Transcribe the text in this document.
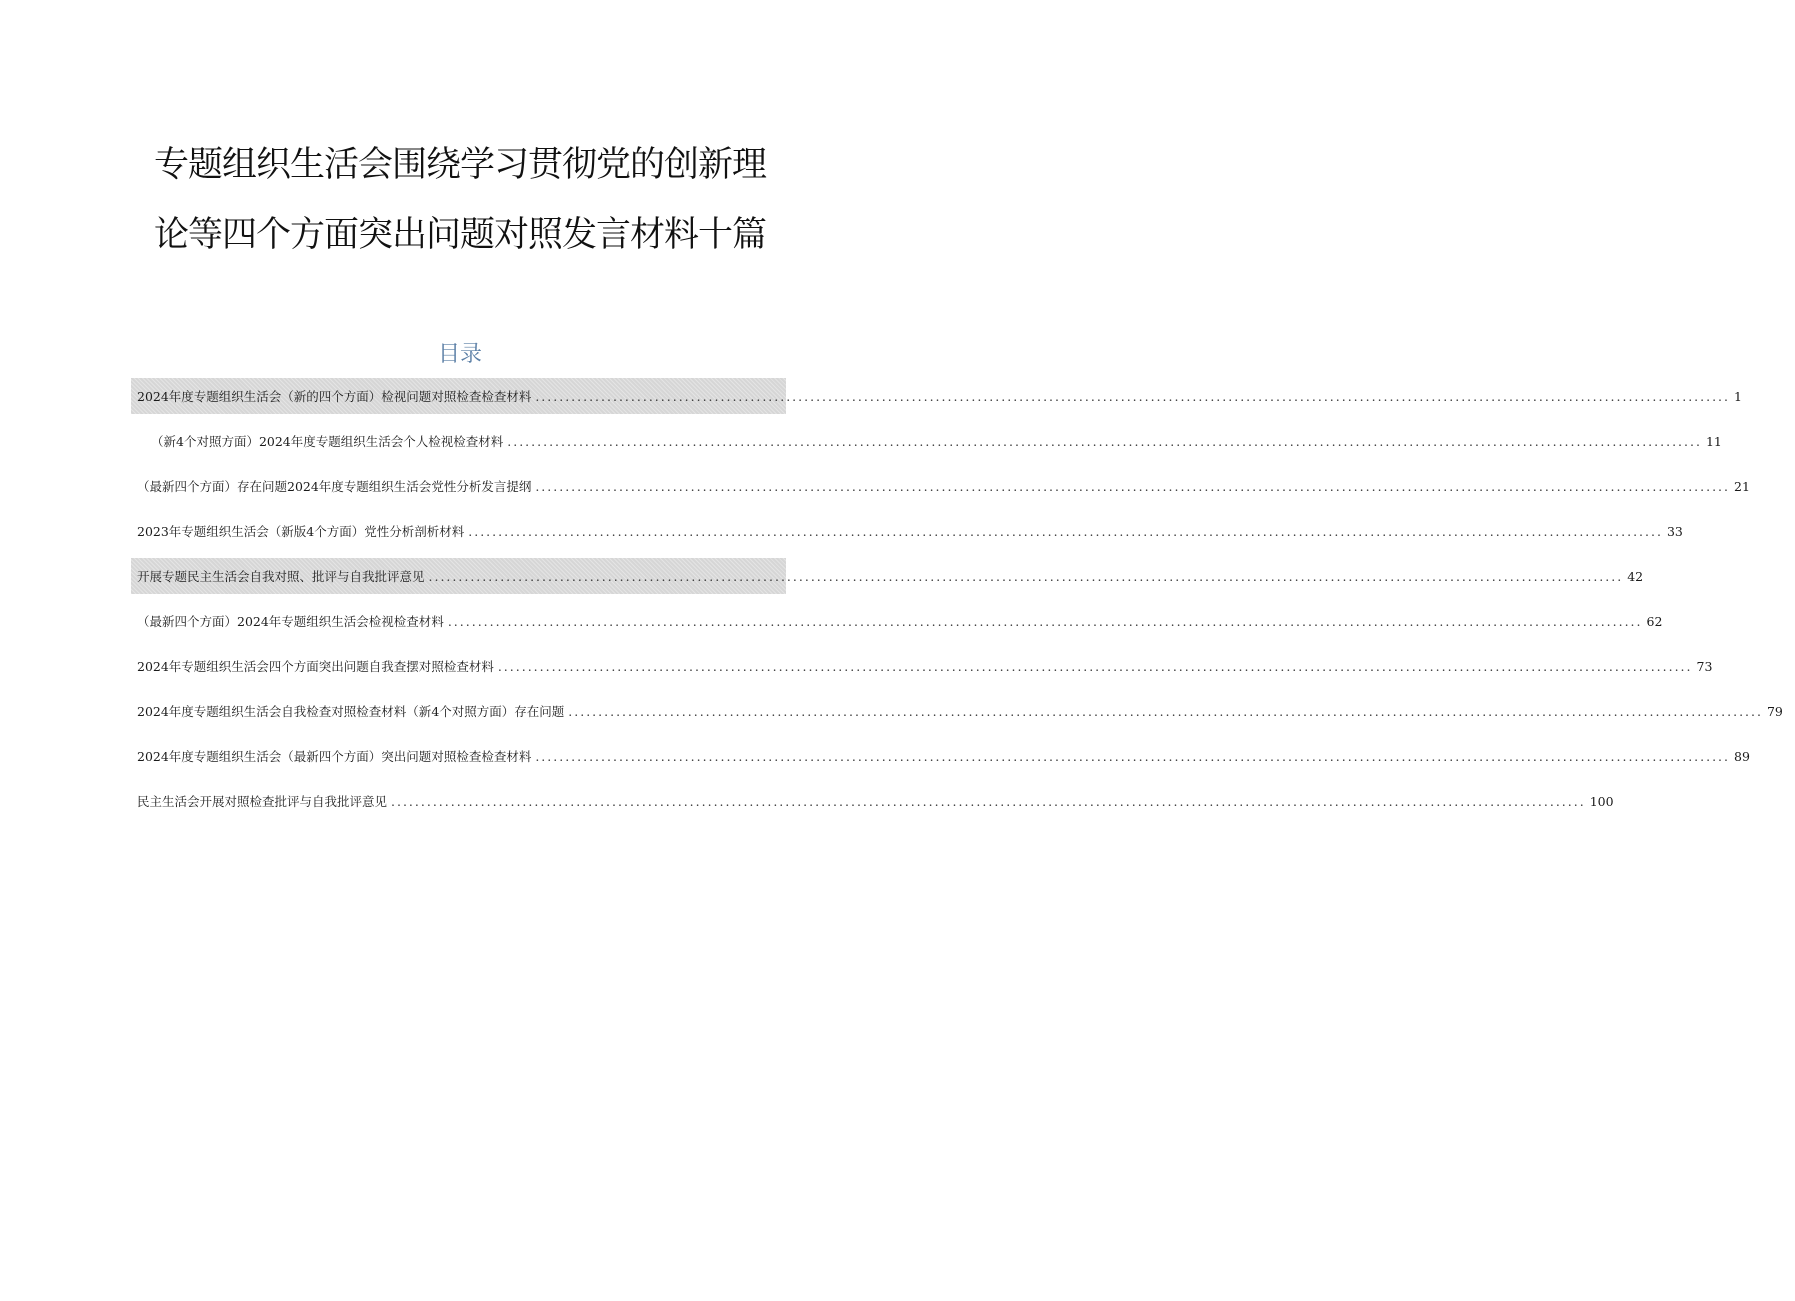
专题组织生活会围绕学习贯彻党的创新理
论等四个方面突出问题对照发言材料十篇
目录
2024年度专题组织生活会（新的四个方面）检视问题对照检查检查材料 ........................................................................................................................................................................................................ 1
（新4个对照方面）2024年度专题组织生活会个人检视检查材料 ........................................................................................................................................................................................................ 11
（最新四个方面）存在问题2024年度专题组织生活会党性分析发言提纲 ........................................................................................................................................................................................................ 21
2023年专题组织生活会（新版4个方面）党性分析剖析材料 ........................................................................................................................................................................................................ 33
开展专题民主生活会自我对照、批评与自我批评意见 ........................................................................................................................................................................................................ 42
（最新四个方面）2024年专题组织生活会检视检查材料 ........................................................................................................................................................................................................ 62
2024年专题组织生活会四个方面突出问题自我查摆对照检查材料 ........................................................................................................................................................................................................ 73
2024年度专题组织生活会自我检查对照检查材料（新4个对照方面）存在问题 ........................................................................................................................................................................................................ 79
2024年度专题组织生活会（最新四个方面）突出问题对照检查检查材料 ........................................................................................................................................................................................................ 89
民主生活会开展对照检查批评与自我批评意见 ........................................................................................................................................................................................................ 100
